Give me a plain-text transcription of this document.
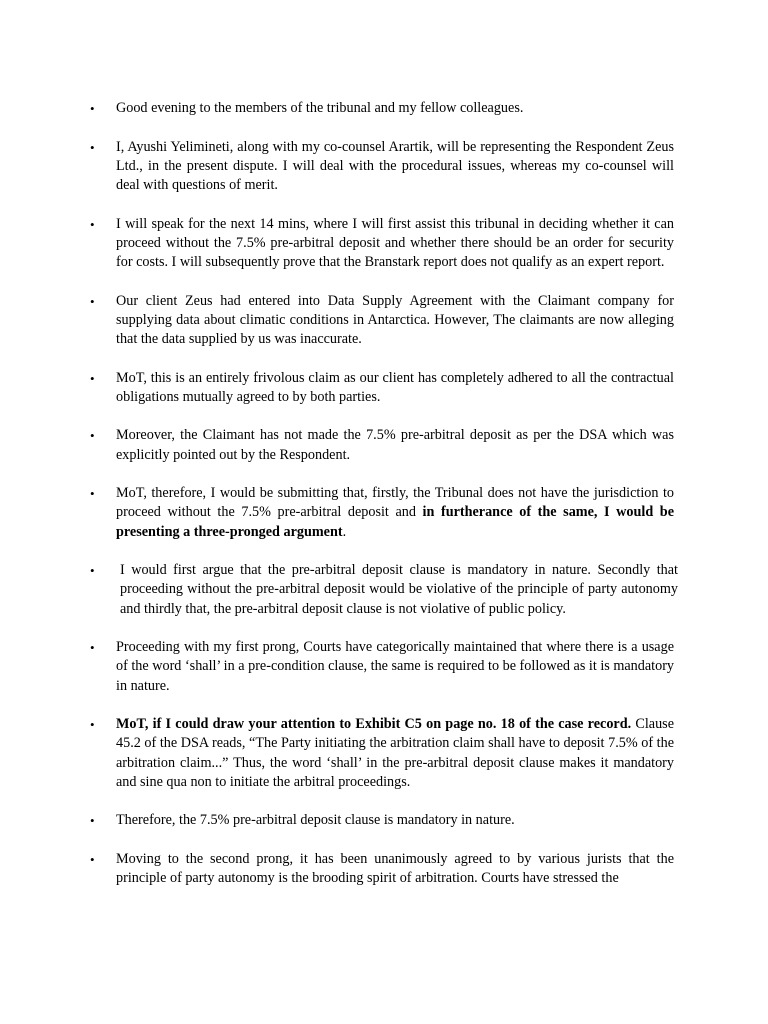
•	Good evening to the members of the tribunal and my fellow colleagues.
•	I, Ayushi Yelimineti, along with my co-counsel Arartik, will be representing the Respondent Zeus Ltd., in the present dispute. I will deal with the procedural issues, whereas my co-counsel will deal with questions of merit.
•	I will speak for the next 14 mins, where I will first assist this tribunal in deciding whether it can proceed without the 7.5% pre-arbitral deposit and whether there should be an order for security for costs. I will subsequently prove that the Branstark report does not qualify as an expert report.
•	Our client Zeus had entered into Data Supply Agreement with the Claimant company for supplying data about climatic conditions in Antarctica. However, The claimants are now alleging that the data supplied by us was inaccurate.
•	MoT, this is an entirely frivolous claim as our client has completely adhered to all the contractual obligations mutually agreed to by both parties.
•	Moreover, the Claimant has not made the 7.5% pre-arbitral deposit as per the DSA which was explicitly pointed out by the Respondent.
•	MoT, therefore, I would be submitting that, firstly, the Tribunal does not have the jurisdiction to proceed without the 7.5% pre-arbitral deposit and in furtherance of the same, I would be presenting a three-pronged argument.
•	I would first argue that the pre-arbitral deposit clause is mandatory in nature. Secondly that proceeding without the pre-arbitral deposit would be violative of the principle of party autonomy and thirdly that, the pre-arbitral deposit clause is not violative of public policy.
•	Proceeding with my first prong, Courts have categorically maintained that where there is a usage of the word ‘shall’ in a pre-condition clause, the same is required to be followed as it is mandatory in nature.
•	MoT, if I could draw your attention to Exhibit C5 on page no. 18 of the case record. Clause 45.2 of the DSA reads, “The Party initiating the arbitration claim shall have to deposit 7.5% of the arbitration claim...” Thus, the word ‘shall’ in the pre-arbitral deposit clause makes it mandatory and sine qua non to initiate the arbitral proceedings.
•	Therefore, the 7.5% pre-arbitral deposit clause is mandatory in nature.
•	Moving to the second prong, it has been unanimously agreed to by various jurists that the principle of party autonomy is the brooding spirit of arbitration. Courts have stressed the
